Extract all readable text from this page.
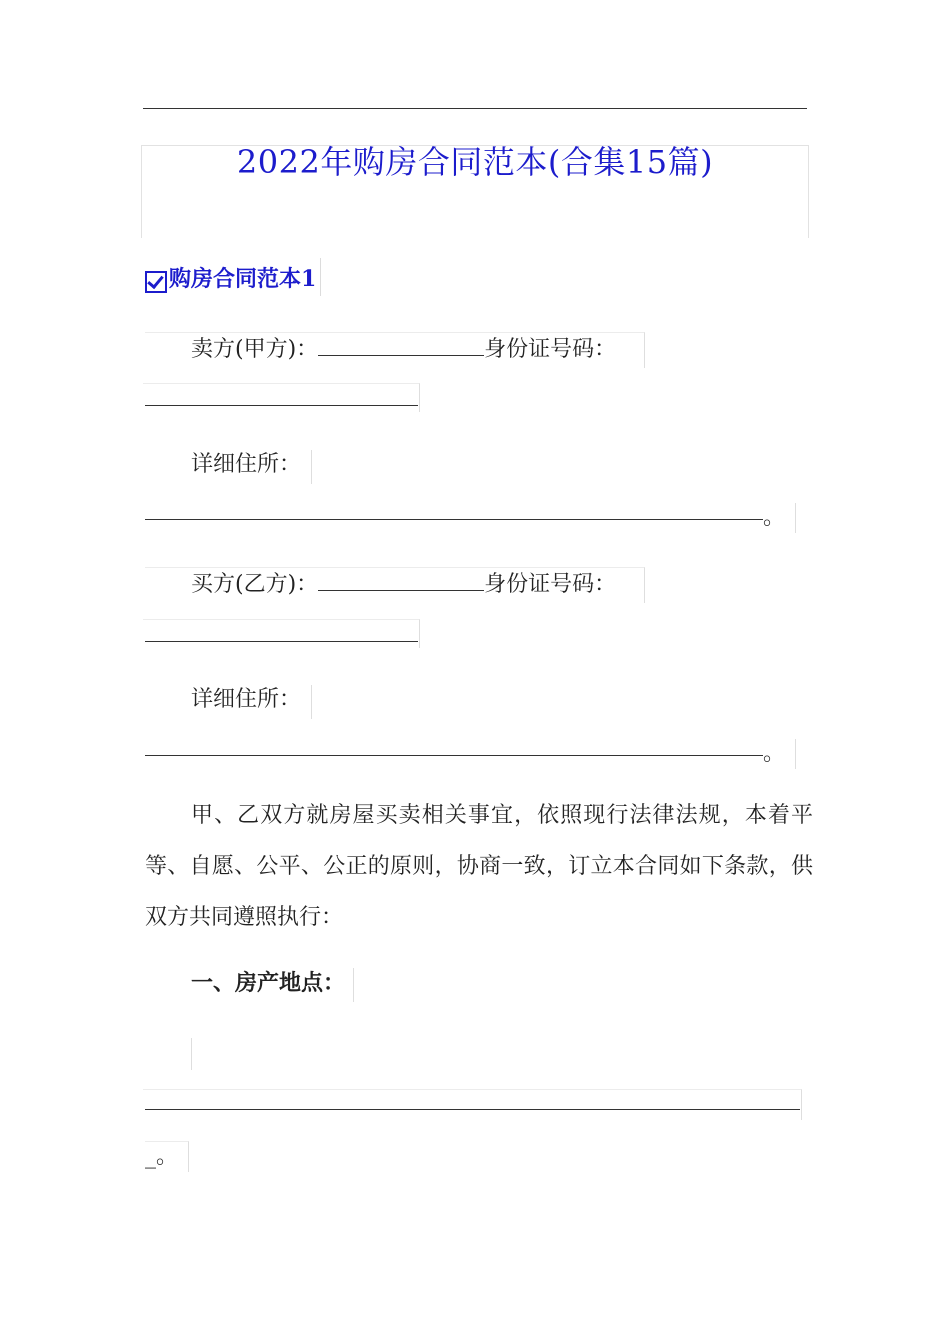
2022年购房合同范本(合集15篇)
购房合同范本1
卖方(甲方)：	身份证号码：
详细住所：
。
买方(乙方)：	身份证号码：
详细住所：
。

甲、乙双方就房屋买卖相关事宜，依照现行法律法规，本着平等、自愿、公平、公正的原则，协商一致，订立本合同如下条款，供双方共同遵照执行：

一、房产地点：
_。
